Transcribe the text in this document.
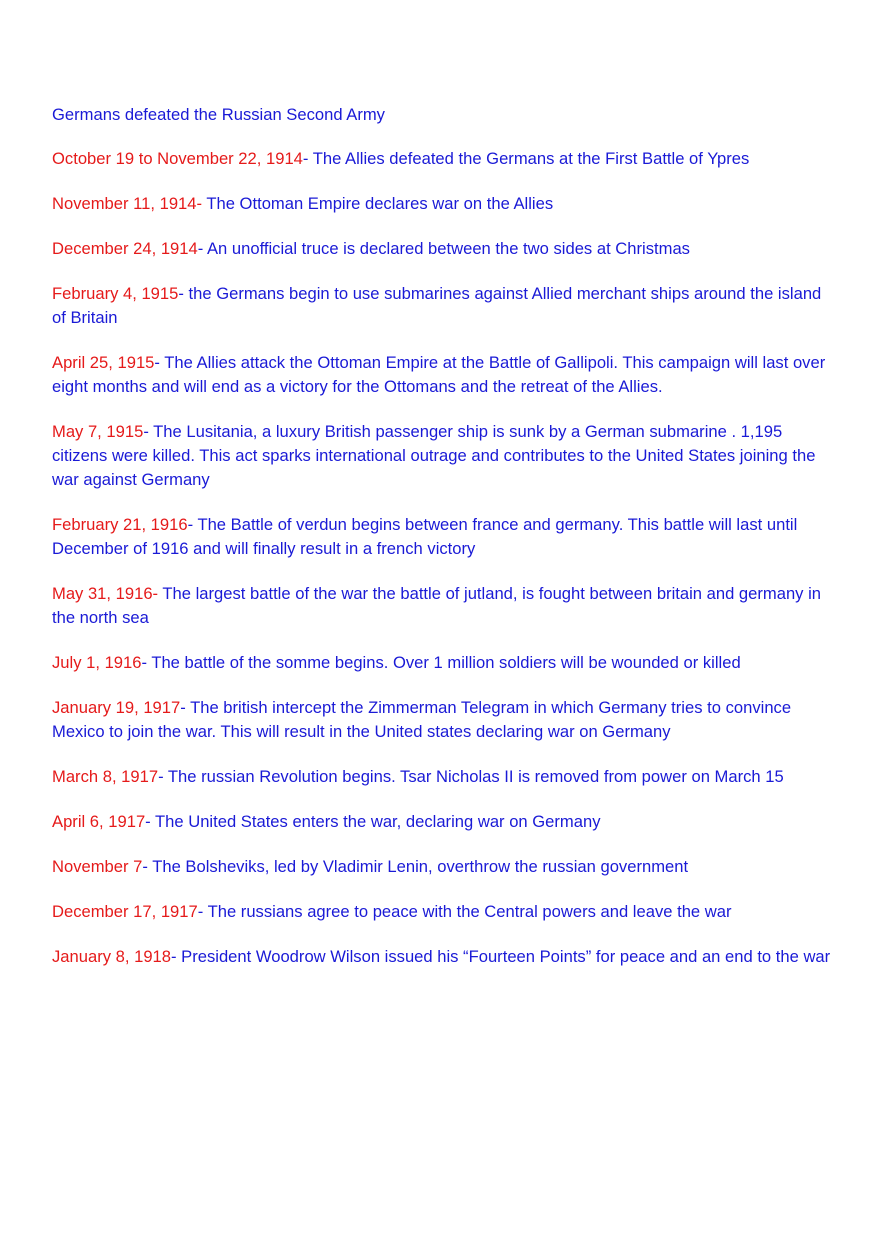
Germans defeated the Russian Second Army

October 19 to November 22, 1914- The Allies defeated the Germans at the First Battle of Ypres

November 11, 1914- The Ottoman Empire declares war on the Allies

December 24, 1914- An unofficial truce is declared between the two sides at Christmas

February 4, 1915- the Germans begin to use submarines against Allied merchant ships around the island of Britain

April 25, 1915- The Allies attack the Ottoman Empire at the Battle of Gallipoli. This campaign will last over eight months and will end as a victory for the Ottomans and the retreat of the Allies.

May 7, 1915- The Lusitania, a luxury British passenger ship is sunk by a German submarine . 1,195 citizens were killed. This act sparks international outrage and contributes to the United States joining the war against Germany

February 21, 1916- The Battle of verdun begins between france and germany. This battle will last until December of 1916 and will finally result in a french victory

May 31, 1916- The largest battle of the war the battle of jutland, is fought between britain and germany in the north sea

July 1, 1916- The battle of the somme begins. Over 1 million soldiers will be wounded or killed

January 19, 1917- The british intercept the Zimmerman Telegram in which Germany tries to convince Mexico to join the war. This will result in the United states declaring war on Germany

March 8, 1917- The russian Revolution begins. Tsar Nicholas II is removed from power on March 15

April 6, 1917- The United States enters the war, declaring war on Germany

November 7- The Bolsheviks, led by Vladimir Lenin, overthrow the russian government

December 17, 1917- The russians agree to peace with the Central powers and leave the war

January 8, 1918- President Woodrow Wilson issued his “Fourteen Points” for peace and an end to the war
